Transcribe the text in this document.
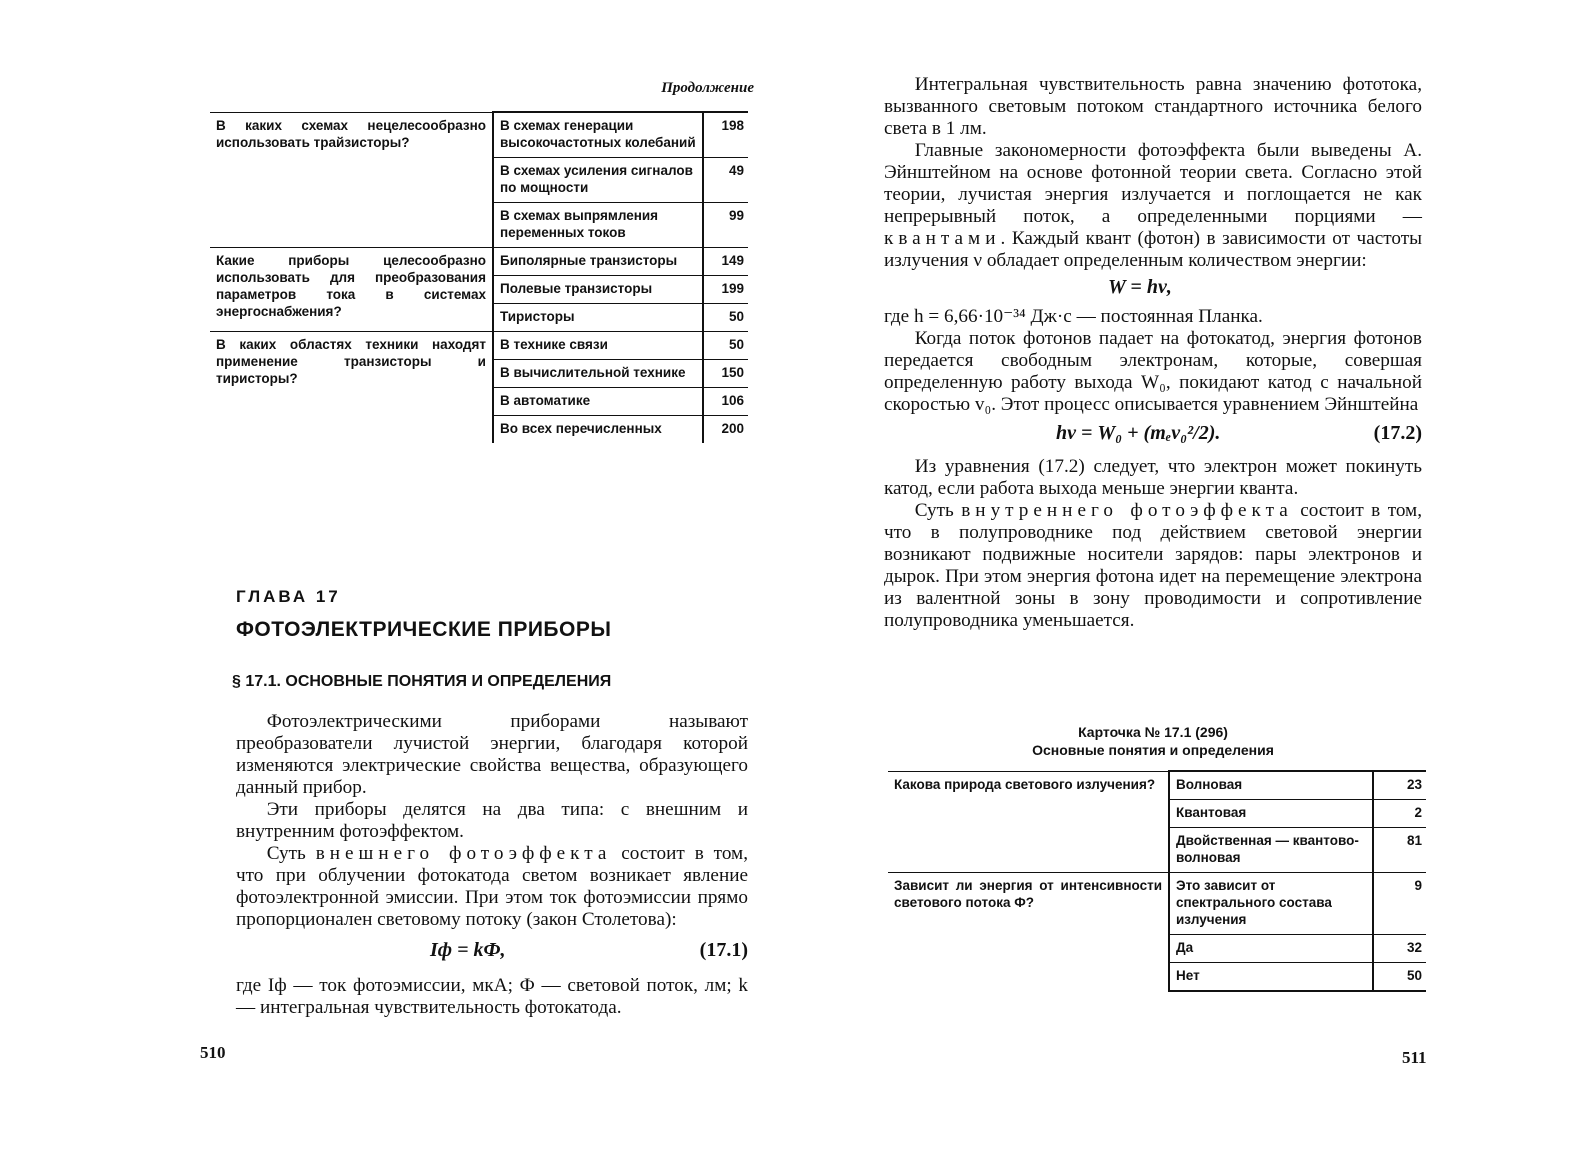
Продолжение
В каких схемах нецелесообразно использовать трайзисторы?	В схемах генерации высокочастотных колебаний	198
	В схемах усиления сигналов по мощности	49
	В схемах выпрямления переменных токов	99
Какие приборы целесообразно использовать для преобразования параметров тока в системах энергоснабжения?	Биполярные транзисторы	149
	Полевые транзисторы	199
	Тиристоры	50
В каких областях техники находят применение транзисторы и тиристоры?	В технике связи	50
	В вычислительной технике	150
	В автоматике	106
	Во всех перечисленных	200
ГЛАВА 17
ФОТОЭЛЕКТРИЧЕСКИЕ ПРИБОРЫ
§ 17.1. ОСНОВНЫЕ ПОНЯТИЯ И ОПРЕДЕЛЕНИЯ

Фотоэлектрическими приборами называют преобразователи лучистой энергии, благодаря которой изменяются электрические свойства вещества, образующего данный прибор.

Эти приборы делятся на два типа: с внешним и внутренним фотоэффектом.

Суть внешнего фотоэффекта состоит в том, что при облучении фотокатода светом возникает явление фотоэлектронной эмиссии. При этом ток фотоэмиссии прямо пропорционален световому потоку (закон Столетова):

Iф = kФ,	(17.1)

где Iф — ток фотоэмиссии, мкА; Ф — световой поток, лм; k — интегральная чувствительность фотокатода.

510

Интегральная чувствительность равна значению фототока, вызванного световым потоком стандартного источника белого света в 1 лм.

Главные закономерности фотоэффекта были выведены А. Эйнштейном на основе фотонной теории света. Согласно этой теории, лучистая энергия излучается и поглощается не как непрерывный поток, а определенными порциями — квантами. Каждый квант (фотон) в зависимости от частоты излучения ν обладает определенным количеством энергии:

W = hν,

где h = 6,66·10⁻³⁴ Дж·с — постоянная Планка.

Когда поток фотонов падает на фотокатод, энергия фотонов передается свободным электронам, которые, совершая определенную работу выхода W₀, покидают катод с начальной скоростью v₀. Этот процесс описывается уравнением Эйнштейна

hν = W₀ + (mₑv₀²/2).	(17.2)

Из уравнения (17.2) следует, что электрон может покинуть катод, если работа выхода меньше энергии кванта.

Суть внутреннего фотоэффекта состоит в том, что в полупроводнике под действием световой энергии возникают подвижные носители зарядов: пары электронов и дырок. При этом энергия фотона идет на перемещение электрона из валентной зоны в зону проводимости и сопротивление полупроводника уменьшается.

Карточка № 17.1 (296)
Основные понятия и определения
Какова природа светового излучения?	Волновая	23
	Квантовая	2
	Двойственная — квантово-волновая	81
Зависит ли энергия от интенсивности светового потока Ф?	Это зависит от спектрального состава излучения	9
	Да	32
	Нет	50
511
